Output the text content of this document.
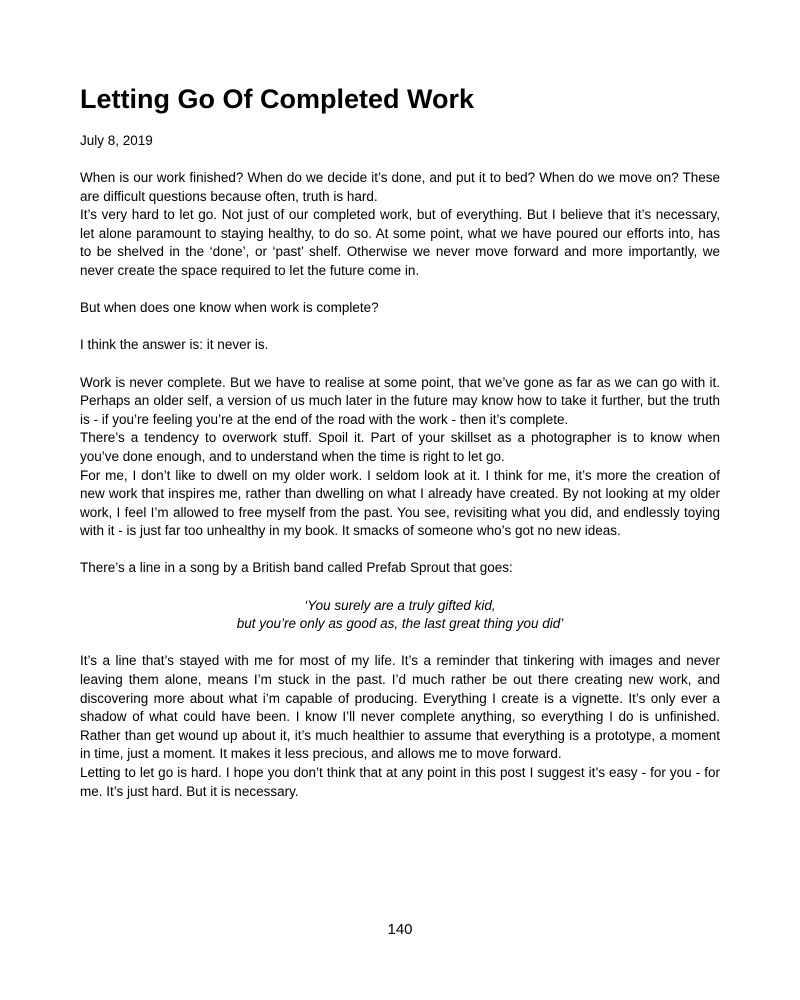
Letting Go Of Completed Work
July 8, 2019

When is our work finished? When do we decide it’s done, and put it to bed? When do we move on? These are difficult questions because often, truth is hard.

It’s very hard to let go. Not just of our completed work, but of everything. But I believe that it’s necessary, let alone paramount to staying healthy, to do so. At some point, what we have poured our efforts into, has to be shelved in the ‘done’, or ‘past’ shelf. Otherwise we never move forward and more importantly, we never create the space required to let the future come in.

But when does one know when work is complete?

I think the answer is: it never is.

Work is never complete. But we have to realise at some point, that we’ve gone as far as we can go with it. Perhaps an older self, a version of us much later in the future may know how to take it further, but the truth is - if you’re feeling you’re at the end of the road with the work - then it’s complete.

There’s a tendency to overwork stuff. Spoil it. Part of your skillset as a photographer is to know when you’ve done enough, and to understand when the time is right to let go.

For me, I don’t like to dwell on my older work. I seldom look at it. I think for me, it’s more the creation of new work that inspires me, rather than dwelling on what I already have created. By not looking at my older work, I feel I’m allowed to free myself from the past. You see, revisiting what you did, and endlessly toying with it - is just far too unhealthy in my book. It smacks of someone who’s got no new ideas.

There’s a line in a song by a British band called Prefab Sprout that goes:

‘You surely are a truly gifted kid,
but you’re only as good as, the last great thing you did’

It’s a line that’s stayed with me for most of my life. It’s a reminder that tinkering with images and never leaving them alone, means I’m stuck in the past. I’d much rather be out there creating new work, and discovering more about what i’m capable of producing. Everything I create is a vignette. It’s only ever a shadow of what could have been. I know I’ll never complete anything, so everything I do is unfinished. Rather than get wound up about it, it’s much healthier to assume that everything is a prototype, a moment in time, just a moment. It makes it less precious, and allows me to move forward.

Letting to let go is hard. I hope you don’t think that at any point in this post I suggest it’s easy - for you - for me. It’s just hard. But it is necessary.

140
